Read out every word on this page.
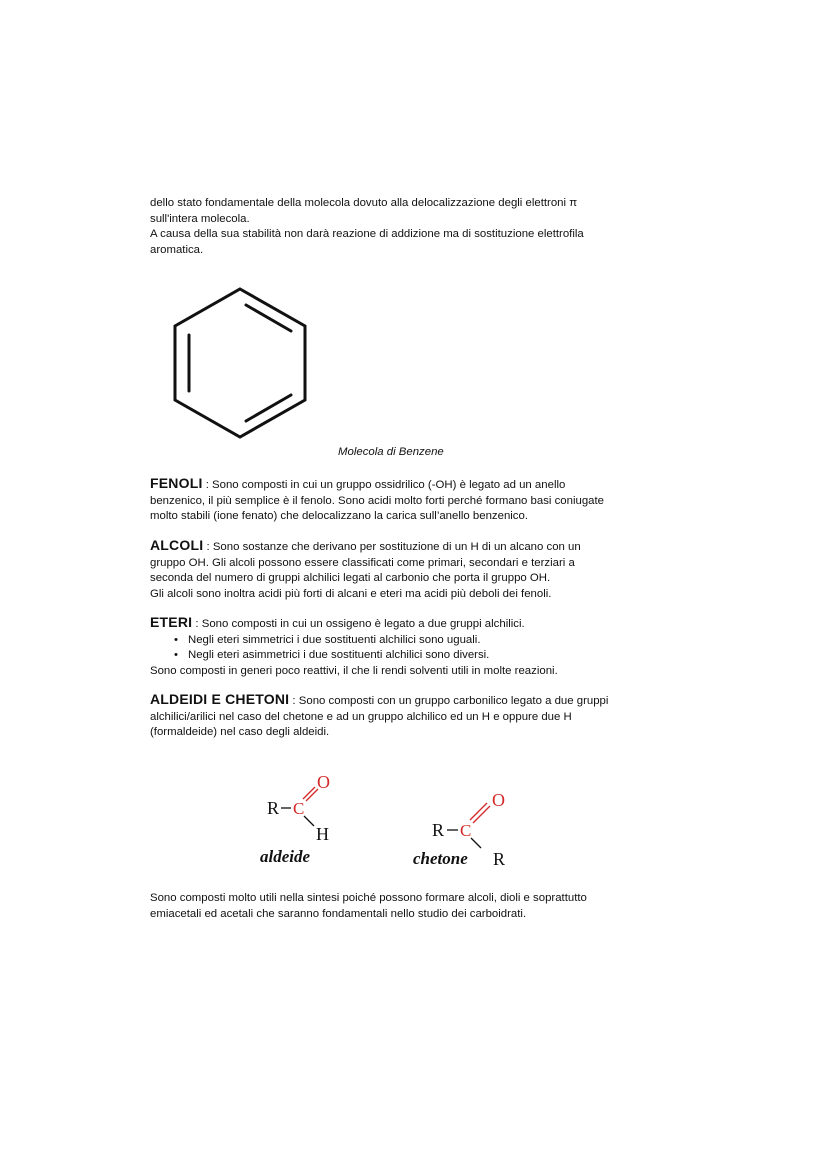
dello stato fondamentale della molecola dovuto alla delocalizzazione degli elettroni π

sull'intera molecola.

A causa della sua stabilità non darà reazione di addizione ma di sostituzione elettrofila

aromatica.

Molecola di Benzene

FENOLI : Sono composti in cui un gruppo ossidrilico (-OH) è legato ad un anello

benzenico, il più semplice è il fenolo. Sono acidi molto forti perché formano basi coniugate

molto stabili (ione fenato) che delocalizzano la carica sull’anello benzenico.

ALCOLI : Sono sostanze che derivano per sostituzione di un H di un alcano con un

gruppo OH. Gli alcoli possono essere classificati come primari, secondari e terziari a

seconda del numero di gruppi alchilici legati al carbonio che porta il gruppo OH.

Gli alcoli sono inoltra acidi più forti di alcani e eteri ma acidi più deboli dei fenoli.

ETERI : Sono composti in cui un ossigeno è legato a due gruppi alchilici.

• Negli eteri simmetrici i due sostituenti alchilici sono uguali.
• Negli eteri asimmetrici i due sostituenti alchilici sono diversi.

Sono composti in generi poco reattivi, il che li rendi solventi utili in molte reazioni.

ALDEIDI E CHETONI : Sono composti con un gruppo carbonilico legato a due gruppi

alchilici/arilici nel caso del chetone e ad un gruppo alchilico ed un H e oppure due H

(formaldeide) nel caso degli aldeidi.

R C
O
H
aldeide
R C
O
R
chetone

Sono composti molto utili nella sintesi poiché possono formare alcoli, dioli e soprattutto

emiacetali ed acetali che saranno fondamentali nello studio dei carboidrati.
